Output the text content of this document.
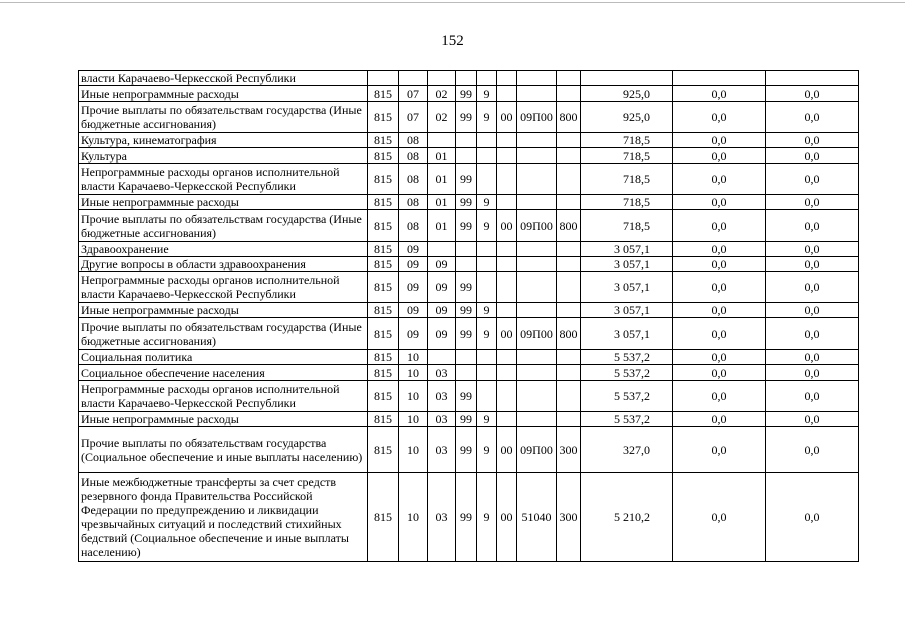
152
власти Карачаево-Черкесской Республики											
Иные непрограммные расходы	815	07	02	99	9				925,0	0,0	0,0
Прочие выплаты по обязательствам государства (Иные бюджетные ассигнования)	815	07	02	99	9	00	09П00	800	925,0	0,0	0,0
Культура, кинематография	815	08							718,5	0,0	0,0
Культура	815	08	01						718,5	0,0	0,0
Непрограммные расходы органов исполнительной власти Карачаево-Черкесской Республики	815	08	01	99					718,5	0,0	0,0
Иные непрограммные расходы	815	08	01	99	9				718,5	0,0	0,0
Прочие выплаты по обязательствам государства (Иные бюджетные ассигнования)	815	08	01	99	9	00	09П00	800	718,5	0,0	0,0
Здравоохранение	815	09							3 057,1	0,0	0,0
Другие вопросы в области здравоохранения	815	09	09						3 057,1	0,0	0,0
Непрограммные расходы органов исполнительной власти Карачаево-Черкесской Республики	815	09	09	99					3 057,1	0,0	0,0
Иные непрограммные расходы	815	09	09	99	9				3 057,1	0,0	0,0
Прочие выплаты по обязательствам государства (Иные бюджетные ассигнования)	815	09	09	99	9	00	09П00	800	3 057,1	0,0	0,0
Социальная политика	815	10							5 537,2	0,0	0,0
Социальное обеспечение населения	815	10	03						5 537,2	0,0	0,0
Непрограммные расходы органов исполнительной власти Карачаево-Черкесской Республики	815	10	03	99					5 537,2	0,0	0,0
Иные непрограммные расходы	815	10	03	99	9				5 537,2	0,0	0,0
Прочие выплаты по обязательствам государства (Социальное обеспечение и иные выплаты населению)	815	10	03	99	9	00	09П00	300	327,0	0,0	0,0
Иные межбюджетные трансферты за счет средств резервного фонда Правительства Российской Федерации по предупреждению и ликвидации чрезвычайных ситуаций и последствий стихийных бедствий (Социальное обеспечение и иные выплаты населению)	815	10	03	99	9	00	51040	300	5 210,2	0,0	0,0
